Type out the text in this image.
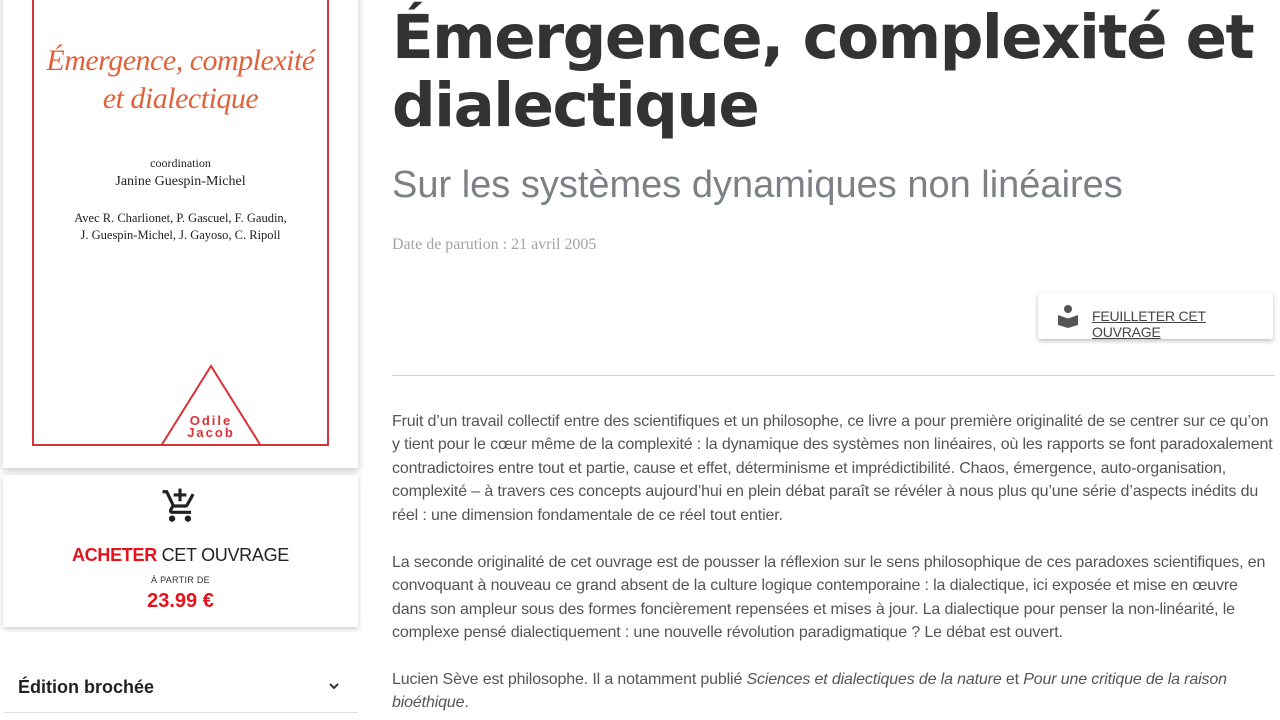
Émergence, complexité
et dialectique
coordination
Janine Guespin-Michel
Avec R. Charlionet, P. Gascuel, F. Gaudin,
J. Guespin-Michel, J. Gayoso, C. Ripoll
Odile
Jacob
ACHETER CET OUVRAGE
À PARTIR DE
23.99 €
Édition brochée
Émergence, complexité et dialectique
Sur les systèmes dynamiques non linéaires
Date de parution : 21 avril 2005
FEUILLETER CET OUVRAGE

Fruit d’un travail collectif entre des scientifiques et un philosophe, ce livre a pour première originalité de se centrer sur ce qu’on y tient pour le cœur même de la complexité : la dynamique des systèmes non linéaires, où les rapports se font paradoxalement contradictoires entre tout et partie, cause et effet, déterminisme et imprédictibilité. Chaos, émergence, auto-organisation, complexité – à travers ces concepts aujourd’hui en plein débat paraît se révéler à nous plus qu’une série d’aspects inédits du réel : une dimension fondamentale de ce réel tout entier.

La seconde originalité de cet ouvrage est de pousser la réflexion sur le sens philosophique de ces paradoxes scientifiques, en convoquant à nouveau ce grand absent de la culture logique contemporaine : la dialectique, ici exposée et mise en œuvre dans son ampleur sous des formes foncièrement repensées et mises à jour. La dialectique pour penser la non-linéarité, le complexe pensé dialectiquement : une nouvelle révolution paradigmatique ? Le débat est ouvert.

Lucien Sève est philosophe. Il a notamment publié Sciences et dialectiques de la nature et Pour une critique de la raison bioéthique.
